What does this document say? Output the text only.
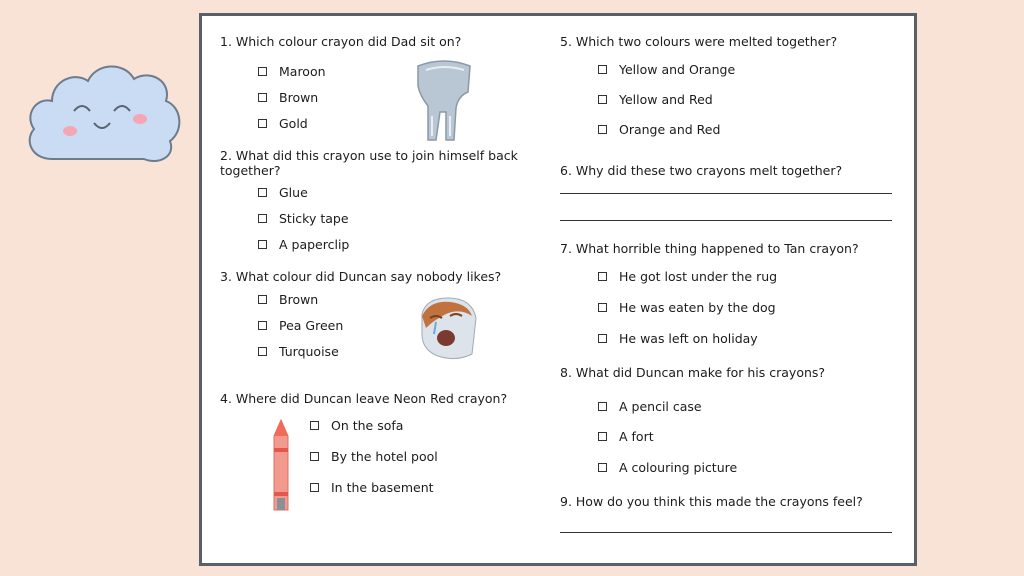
1. Which colour crayon did Dad sit on?
Maroon
Brown
Gold
2. What did this crayon use to join himself back together?
Glue
Sticky tape
A paperclip
3. What colour did Duncan say nobody likes?
Brown
Pea Green
Turquoise
4. Where did Duncan leave Neon Red crayon?
On the sofa
By the hotel pool
In the basement
5. Which two colours were melted together?
Yellow and Orange
Yellow and Red
Orange and Red
6. Why did these two crayons melt together?
7. What horrible thing happened to Tan crayon?
He got lost under the rug
He was eaten by the dog
He was left on holiday
8. What did Duncan make for his crayons?
A pencil case
A fort
A colouring picture
9. How do you think this made the crayons feel?
